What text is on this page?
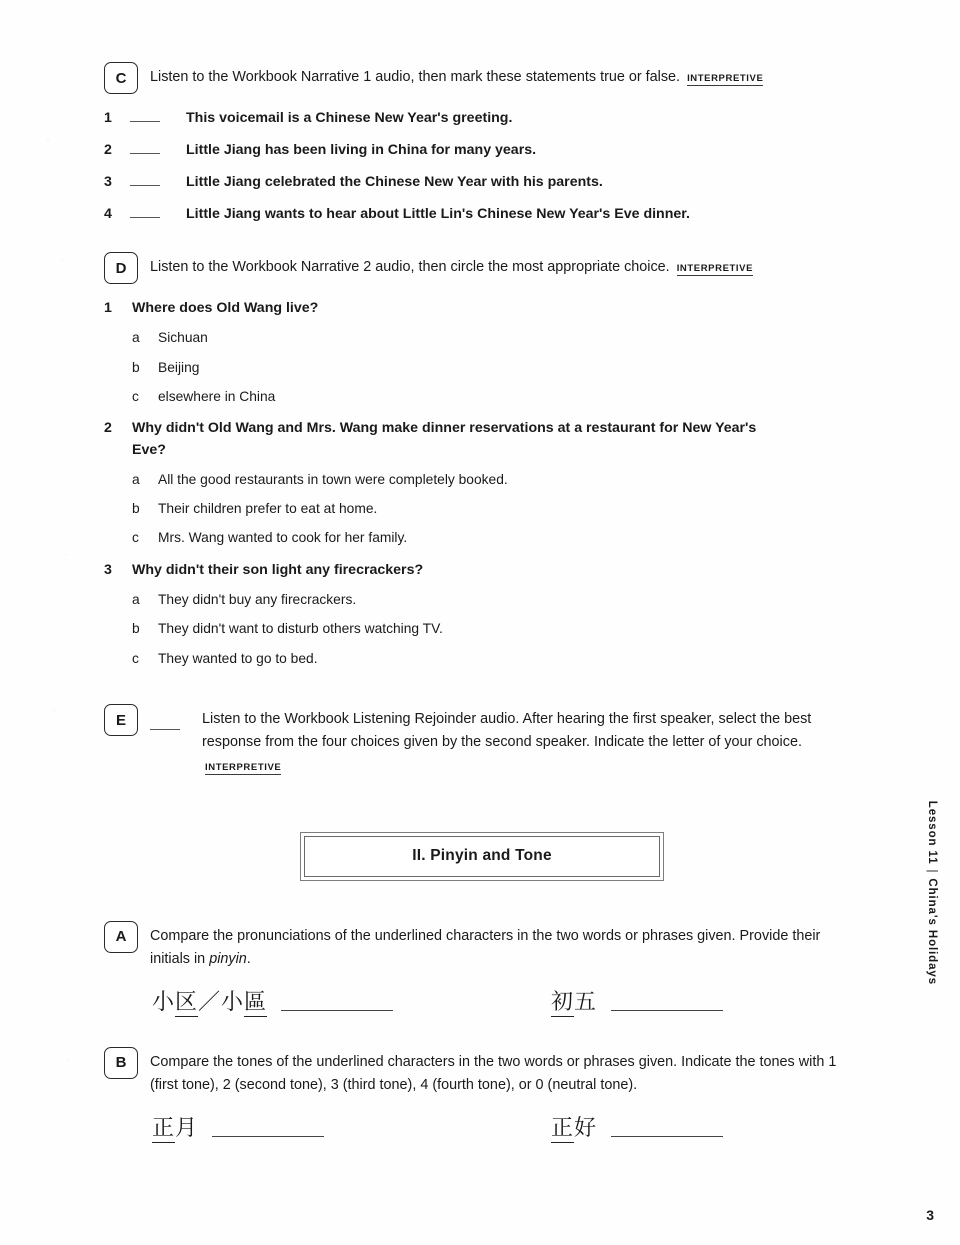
C	Listen to the Workbook Narrative 1 audio, then mark these statements true or false. INTERPRETIVE
1	This voicemail is a Chinese New Year's greeting.
2	Little Jiang has been living in China for many years.
3	Little Jiang celebrated the Chinese New Year with his parents.
4	Little Jiang wants to hear about Little Lin's Chinese New Year's Eve dinner.
D	Listen to the Workbook Narrative 2 audio, then circle the most appropriate choice. INTERPRETIVE
1	Where does Old Wang live?
a	Sichuan
b	Beijing
c	elsewhere in China
2	Why didn't Old Wang and Mrs. Wang make dinner reservations at a restaurant for New Year's Eve?
a	All the good restaurants in town were completely booked.
b	Their children prefer to eat at home.
c	Mrs. Wang wanted to cook for her family.
3	Why didn't their son light any firecrackers?
a	They didn't buy any firecrackers.
b	They didn't want to disturb others watching TV.
c	They wanted to go to bed.
E	Listen to the Workbook Listening Rejoinder audio. After hearing the first speaker, select the best response from the four choices given by the second speaker. Indicate the letter of your choice. INTERPRETIVE
II. Pinyin and Tone
A	Compare the pronunciations of the underlined characters in the two words or phrases given. Provide their initials in pinyin.
小区／小區	初五
B	Compare the tones of the underlined characters in the two words or phrases given. Indicate the tones with 1 (first tone), 2 (second tone), 3 (third tone), 4 (fourth tone), or 0 (neutral tone).
正月	正好
Lesson 11|China's Holidays
3
